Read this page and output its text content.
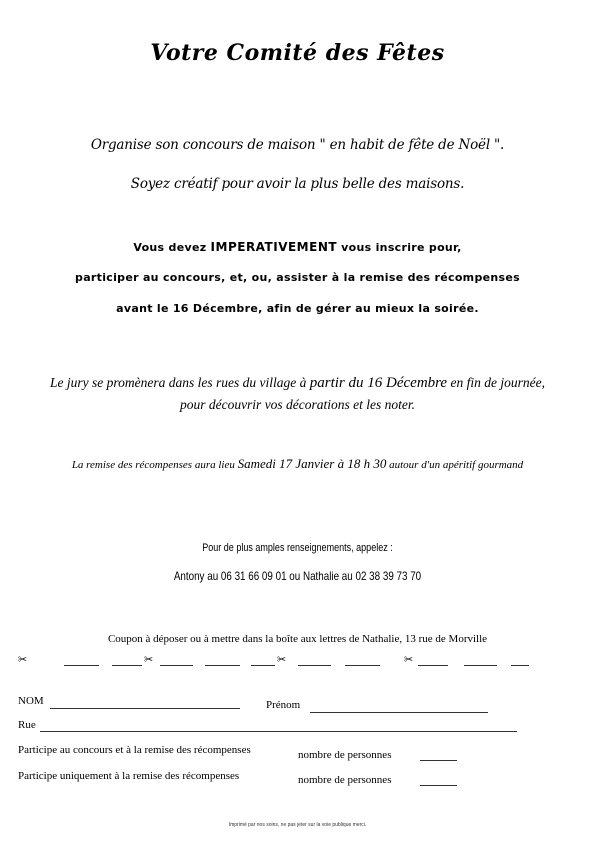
Votre Comité des Fêtes
Organise son concours de maison " en habit de fête de Noël ".
Soyez créatif pour avoir la plus belle des maisons.
Vous devez IMPERATIVEMENT vous inscrire pour,
participer au concours, et, ou, assister à la remise des récompenses
avant le 16 Décembre, afin de gérer au mieux la soirée.
Le jury se promènera dans les rues du village à partir du 16 Décembre en fin de journée,
pour découvrir vos décorations et les noter.
La remise des récompenses aura lieu Samedi 17 Janvier à 18 h 30 autour d'un apéritif gourmand
Pour de plus amples renseignements, appelez :
Antony au 06 31 66 09 01 ou Nathalie au 02 38 39 73 70
Coupon à déposer ou à mettre dans la boîte aux lettres de Nathalie, 13 rue de Morville
✂	✂	✂	✂
NOM	Prénom
Rue
Participe au concours et à la remise des récompenses	nombre de personnes
Participe uniquement à la remise des récompenses	nombre de personnes
Imprimé par nos soins, ne pas jeter sur la voie publique merci.
